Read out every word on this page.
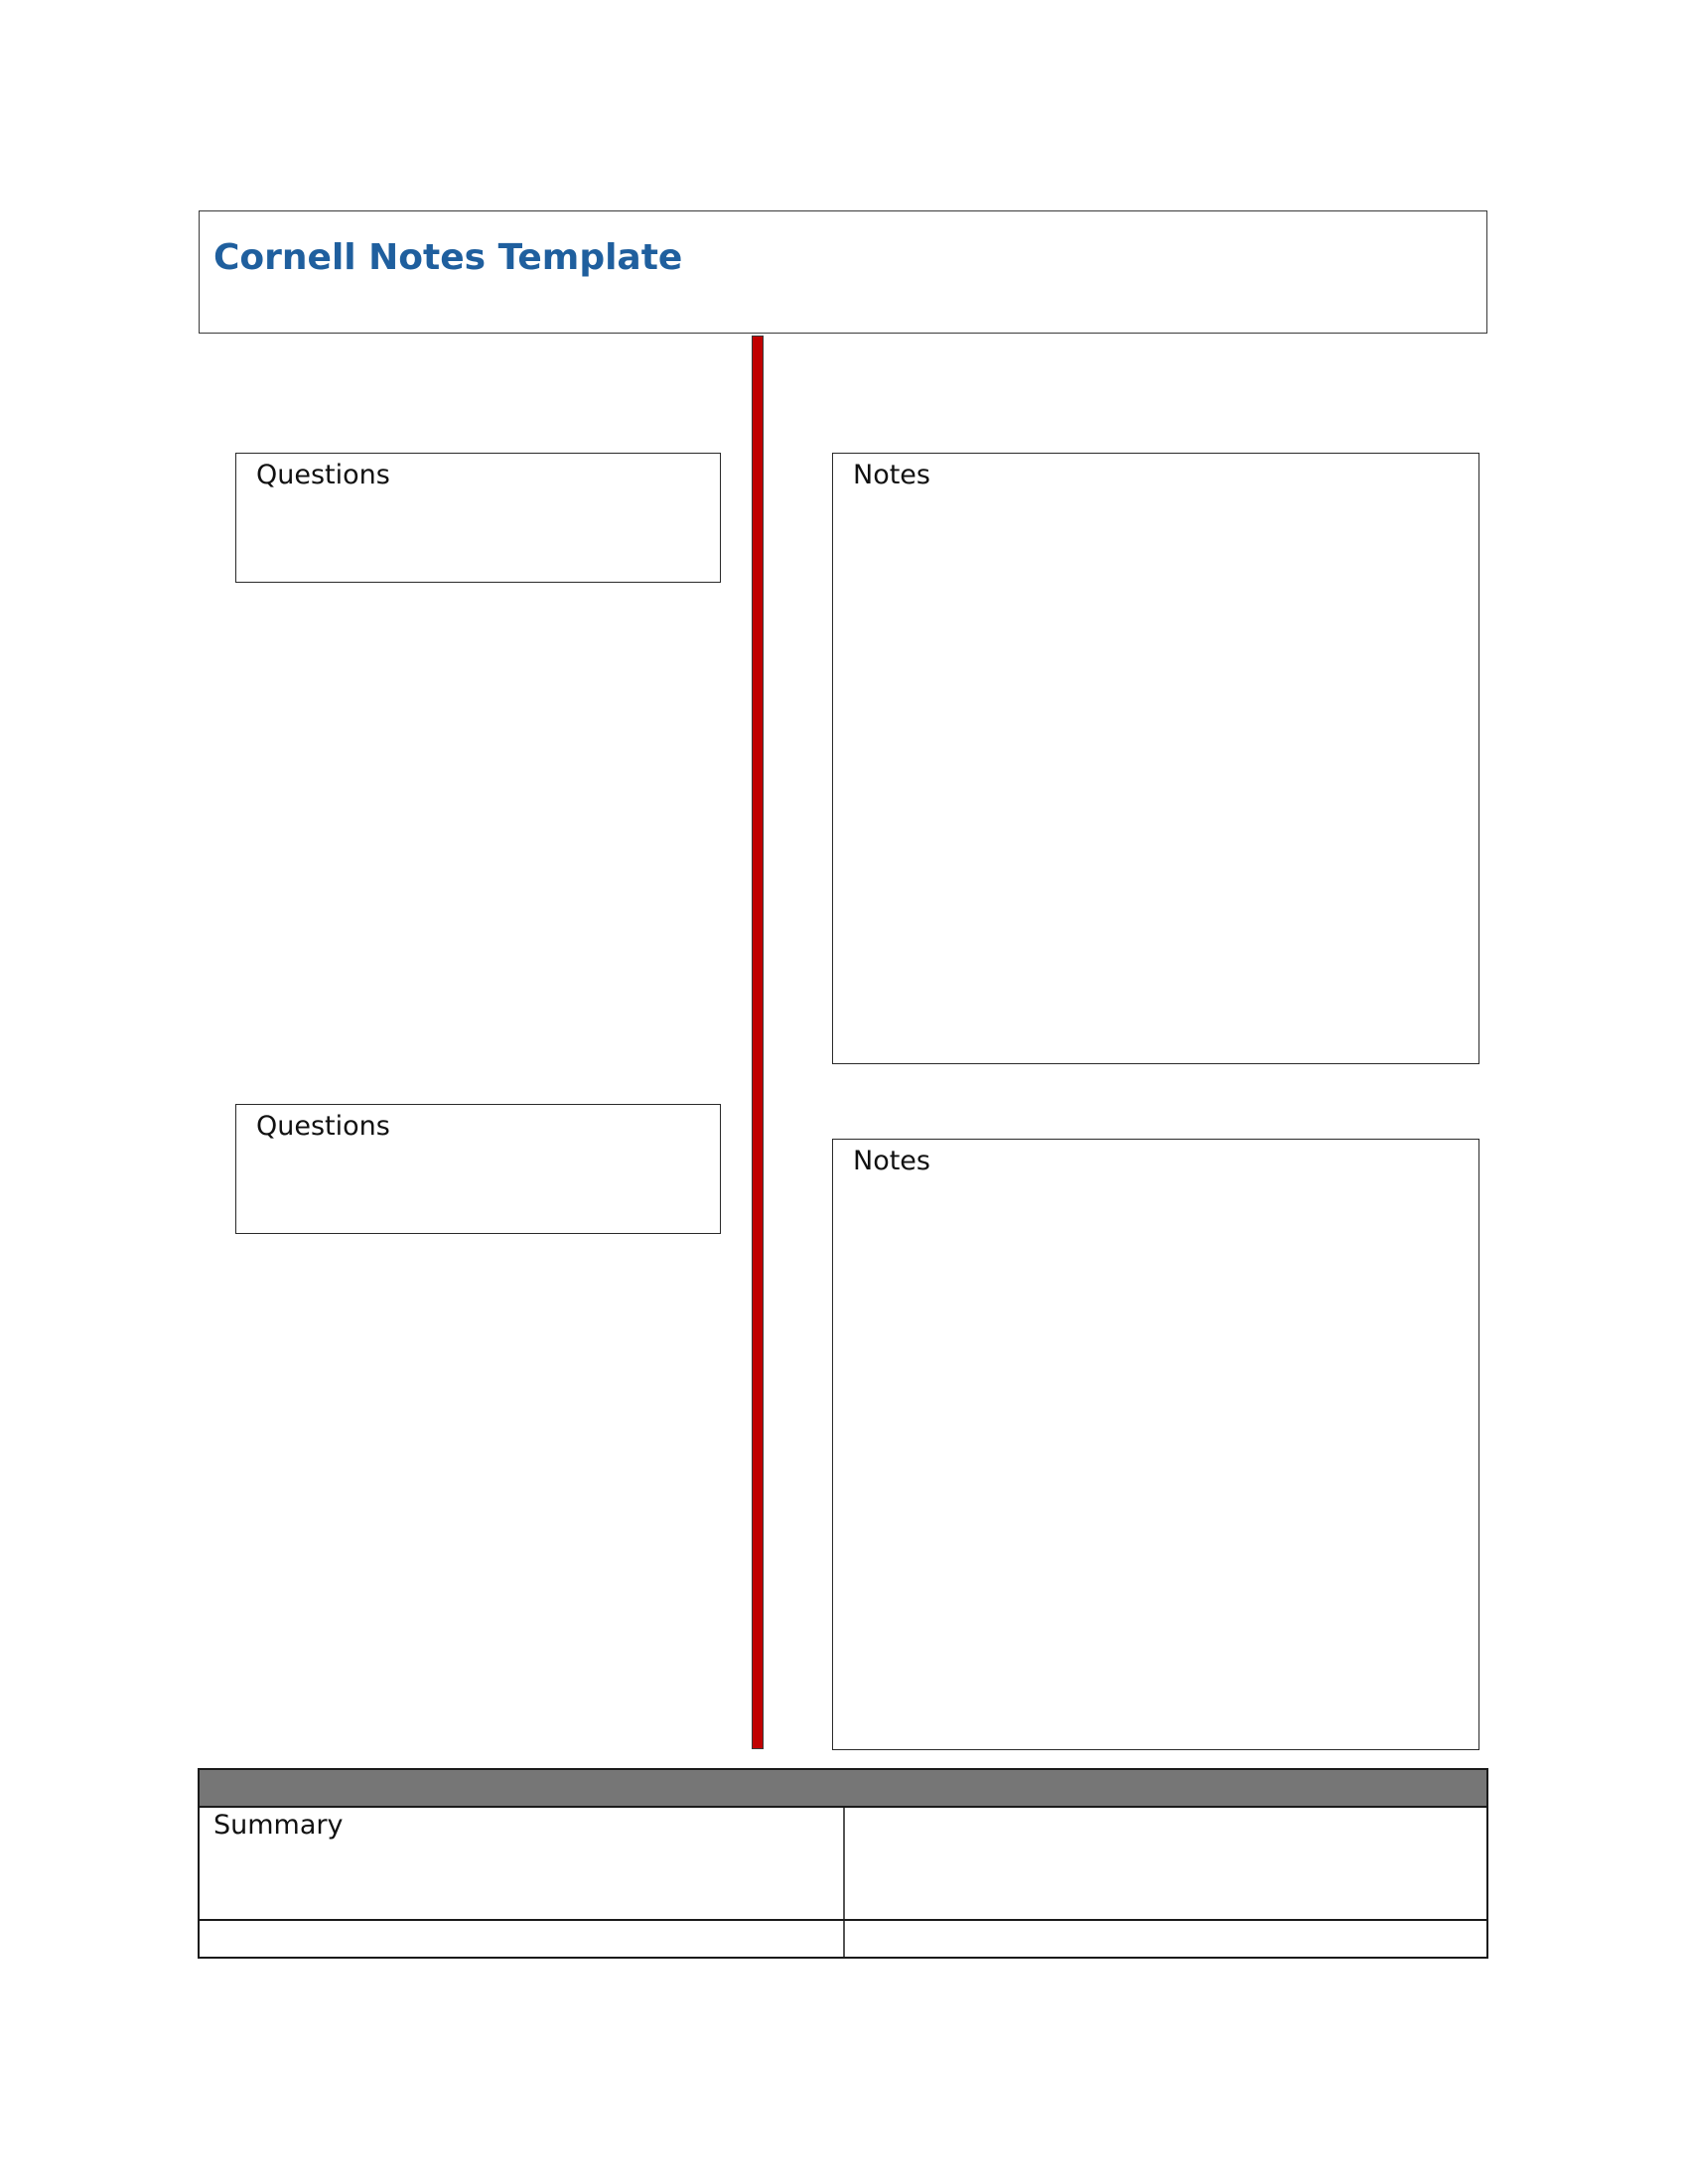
Cornell Notes Template
Questions	Notes
Questions
Notes
Summary
